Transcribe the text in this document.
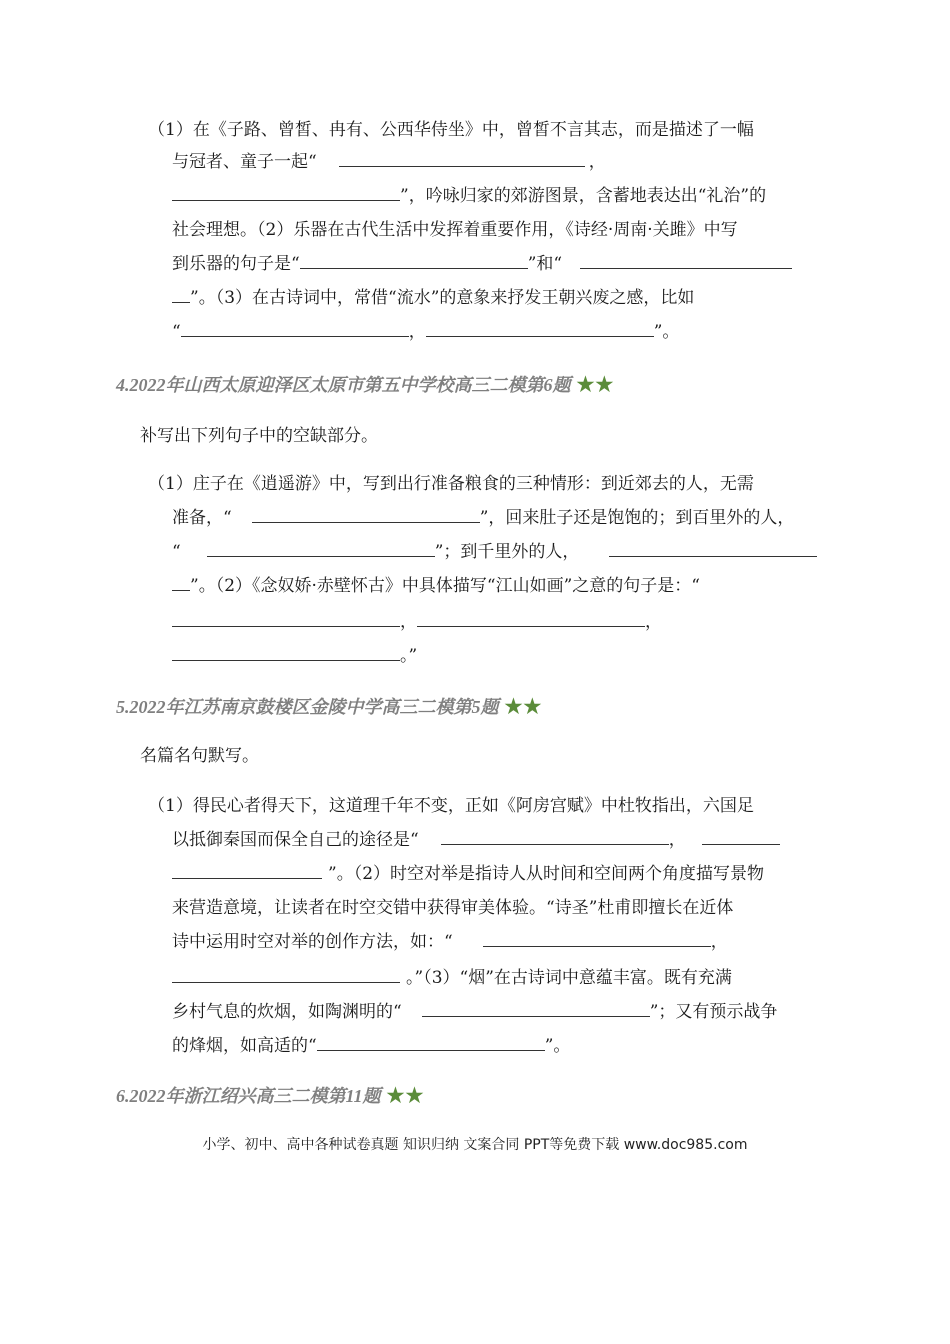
（1）在《子路、曾皙、冉有、公西华侍坐》中，曾皙不言其志，而是描述了一幅
与冠者、童子一起“	，
”，吟咏归家的郊游图景，含蓄地表达出“礼治”的
社会理想。（2）乐器在古代生活中发挥着重要作用，《诗经·周南·关雎》中写
到乐器的句子是“	”和“
”。（3）在古诗词中，常借“流水”的意象来抒发王朝兴废之感，比如
“	，	”。
4.2022年山西太原迎泽区太原市第五中学校高三二模第6题 ★★
补写出下列句子中的空缺部分。
（1）庄子在《逍遥游》中，写到出行准备粮食的三种情形：到近郊去的人，无需
准备，“	”，回来肚子还是饱饱的；到百里外的人，
“	”；到千里外的人，
”。（2）《念奴娇·赤壁怀古》中具体描写“江山如画”之意的句子是：“
，	，
。”
5.2022年江苏南京鼓楼区金陵中学高三二模第5题 ★★
名篇名句默写。
（1）得民心者得天下，这道理千年不变，正如《阿房宫赋》中杜牧指出，六国足
以抵御秦国而保全自己的途径是“	，
”。（2）时空对举是指诗人从时间和空间两个角度描写景物
来营造意境，让读者在时空交错中获得审美体验。“诗圣”杜甫即擅长在近体
诗中运用时空对举的创作方法，如：“	，
。”（3）“烟”在古诗词中意蕴丰富。既有充满
乡村气息的炊烟，如陶渊明的“	”；又有预示战争
的烽烟，如高适的“	”。
6.2022年浙江绍兴高三二模第11题 ★★
小学、初中、高中各种试卷真题 知识归纳 文案合同 PPT等免费下载 www.doc985.com
